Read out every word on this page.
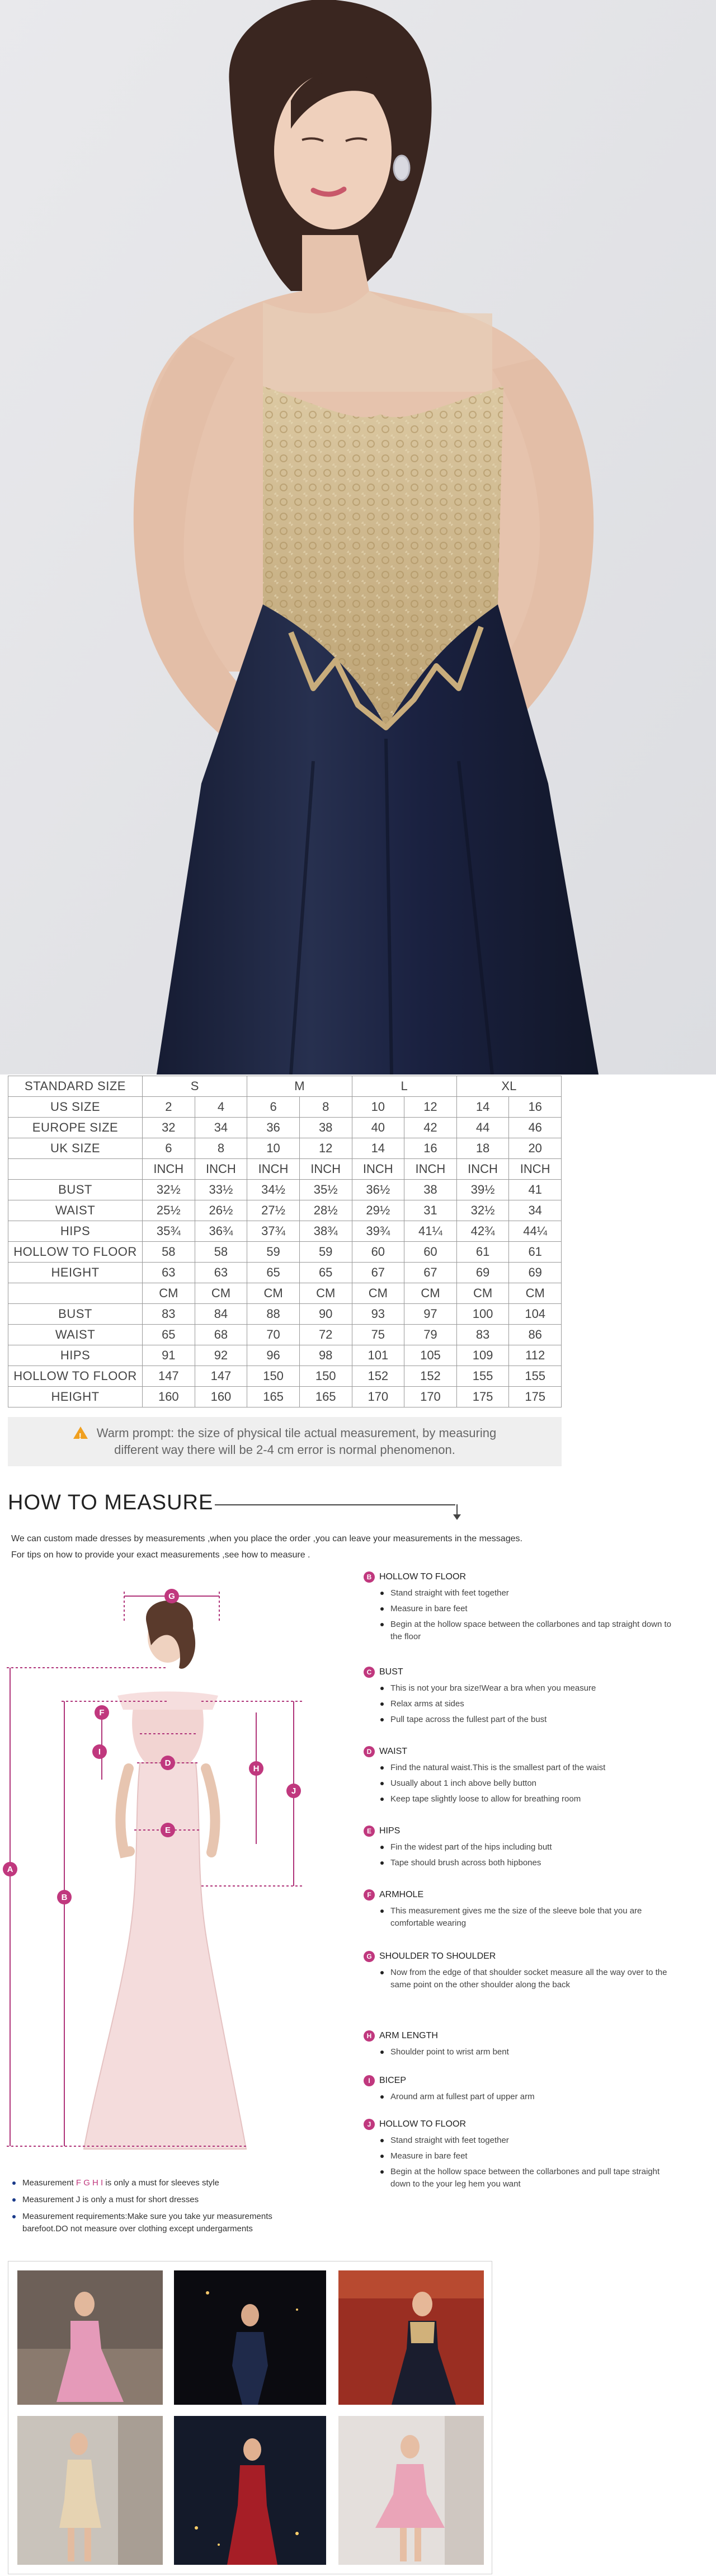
STANDARD SIZE	S		M		L		XL	
US SIZE	2	4	6	8	10	12	14	16
EUROPE SIZE	32	34	36	38	40	42	44	46
UK SIZE	6	8	10	12	14	16	18	20
	INCH	INCH	INCH	INCH	INCH	INCH	INCH	INCH
BUST	32½	33½	34½	35½	36½	38	39½	41
WAIST	25½	26½	27½	28½	29½	31	32½	34
HIPS	35¾	36¾	37¾	38¾	39¾	41¼	42¾	44¼
HOLLOW TO FLOOR	58	58	59	59	60	60	61	61
HEIGHT	63	63	65	65	67	67	69	69
	CM	CM	CM	CM	CM	CM	CM	CM
BUST	83	84	88	90	93	97	100	104
WAIST	65	68	70	72	75	79	83	86
HIPS	91	92	96	98	101	105	109	112
HOLLOW TO FLOOR	147	147	150	150	152	152	155	155
HEIGHT	160	160	165	165	170	170	175	175
!Warm prompt: the size of physical tile actual measurement, by measuring
different way there will be 2-4 cm error is normal phenomenon.
HOW TO MEASURE
We can custom made dresses by measurements ,when you place the order ,you can leave your measurements in the messages.
For tips on how to provide your exact measurements ,see how to measure .
G
F
J
H
D
E
A
B
I
B HOLLOW TO FLOOR
Stand straight with feet together
Measure in bare feet
Begin at the hollow space between the collarbones and tap straight down to the floor
C BUST
This is not your bra size!Wear a bra when you measure
Relax arms at sides
Pull tape across the fullest part of the bust
D WAIST
Find the natural waist.This is the smallest part of the waist
Usually about 1 inch above belly button
Keep tape slightly loose to allow for breathing room
E HIPS
Fin the widest part of the hips including butt
Tape should brush across both hipbones
F ARMHOLE
This measurement gives me the size of the sleeve bole that you are comfortable wearing
G SHOULDER TO SHOULDER
Now from the edge of that shoulder socket measure all the way over to the same point on the other shoulder along the back
H ARM LENGTH
Shoulder point to wrist arm bent
I	BICEP
Around arm at fullest part of upper arm
J HOLLOW TO FLOOR
Stand straight with feet together
Measure in bare feet
Begin at the hollow space between the collarbones and pull tape straight down to the your leg hem you want
Measurement F G H I is only a must for sleeves style
Measurement J is only a must for short dresses
Measurement requirements:Make sure you take yur measurements
barefoot.DO not measure over clothing except undergarments
